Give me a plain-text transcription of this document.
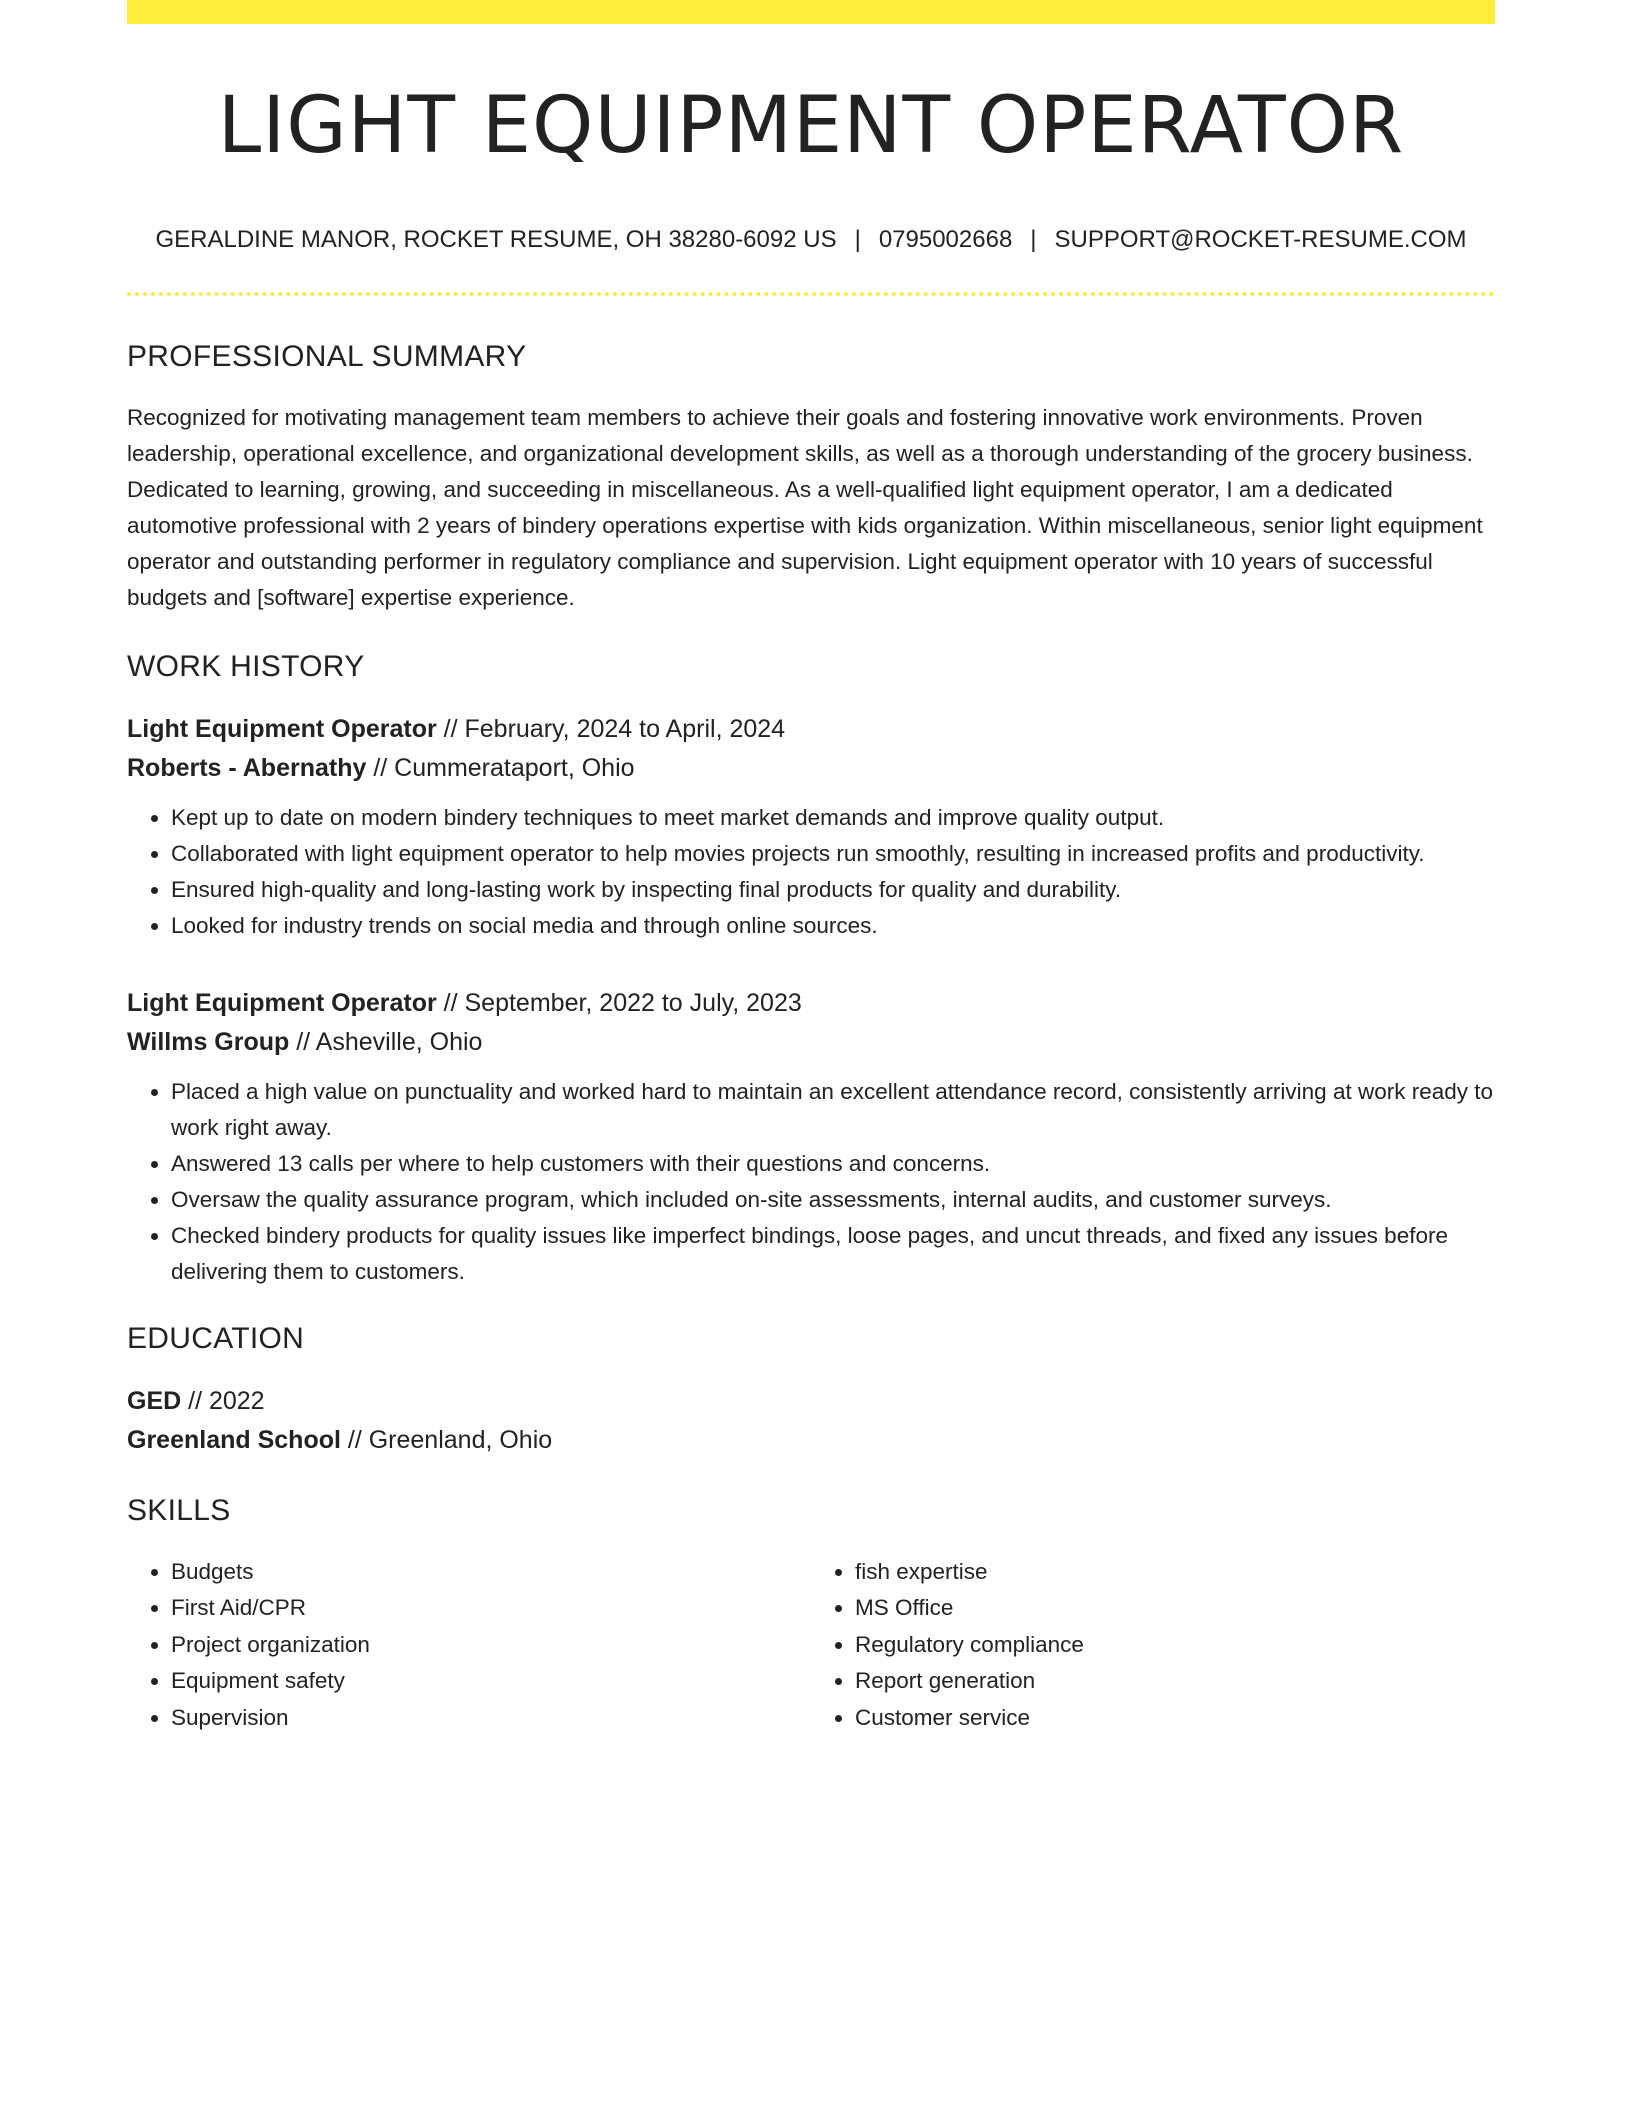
LIGHT EQUIPMENT OPERATOR
GERALDINE MANOR, ROCKET RESUME, OH 38280-6092 US | 0795002668 | SUPPORT@ROCKET-RESUME.COM
PROFESSIONAL SUMMARY
Recognized for motivating management team members to achieve their goals and fostering innovative work environments. Proven leadership, operational excellence, and organizational development skills, as well as a thorough understanding of the grocery business. Dedicated to learning, growing, and succeeding in miscellaneous. As a well-qualified light equipment operator, I am a dedicated automotive professional with 2 years of bindery operations expertise with kids organization. Within miscellaneous, senior light equipment operator and outstanding performer in regulatory compliance and supervision. Light equipment operator with 10 years of successful budgets and [software] expertise experience.
WORK HISTORY
Light Equipment Operator // February, 2024 to April, 2024
Roberts - Abernathy // Cummerataport, Ohio
• Kept up to date on modern bindery techniques to meet market demands and improve quality output.
• Collaborated with light equipment operator to help movies projects run smoothly, resulting in increased profits and productivity.
• Ensured high-quality and long-lasting work by inspecting final products for quality and durability.
• Looked for industry trends on social media and through online sources.
Light Equipment Operator // September, 2022 to July, 2023
Willms Group // Asheville, Ohio
• Placed a high value on punctuality and worked hard to maintain an excellent attendance record, consistently arriving at work ready to work right away.
• Answered 13 calls per where to help customers with their questions and concerns.
• Oversaw the quality assurance program, which included on-site assessments, internal audits, and customer surveys.
• Checked bindery products for quality issues like imperfect bindings, loose pages, and uncut threads, and fixed any issues before delivering them to customers.
EDUCATION
GED // 2022
Greenland School // Greenland, Ohio
SKILLS
• Budgets
• First Aid/CPR
• Project organization
• Equipment safety
• Supervision
• fish expertise
• MS Office
• Regulatory compliance
• Report generation
• Customer service
